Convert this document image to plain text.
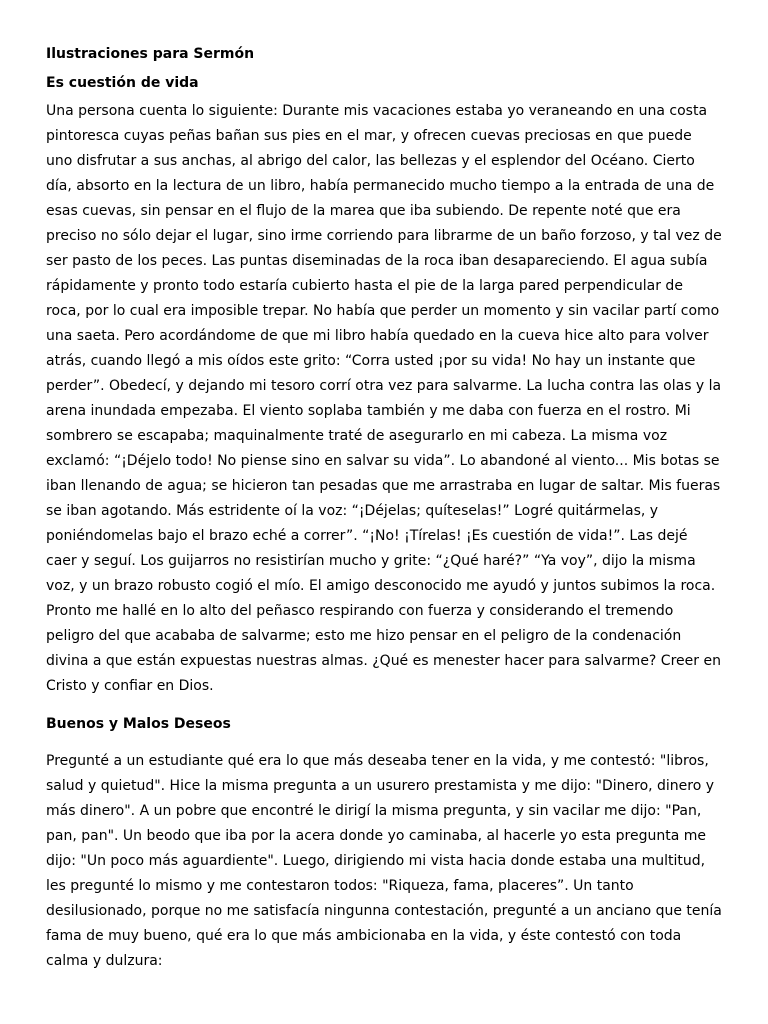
Ilustraciones para Sermón
Es cuestión de vida

Una persona cuenta lo siguiente: Durante mis vacaciones estaba yo veraneando en una costa pintoresca cuyas peñas bañan sus pies en el mar, y ofrecen cuevas preciosas en que puede uno disfrutar a sus anchas, al abrigo del calor, las bellezas y el esplendor del Océano. Cierto día, absorto en la lectura de un libro, había permanecido mucho tiempo a la entrada de una de esas cuevas, sin pensar en el flujo de la marea que iba subiendo. De repente noté que era preciso no sólo dejar el lugar, sino irme corriendo para librarme de un baño forzoso, y tal vez de ser pasto de los peces. Las puntas diseminadas de la roca iban desapareciendo. El agua subía rápidamente y pronto todo estaría cubierto hasta el pie de la larga pared perpendicular de roca, por lo cual era imposible trepar. No había que perder un momento y sin vacilar partí como una saeta. Pero acordándome de que mi libro había quedado en la cueva hice alto para volver atrás, cuando llegó a mis oídos este grito: “Corra usted ¡por su vida! No hay un instante que perder”. Obedecí, y dejando mi tesoro corrí otra vez para salvarme. La lucha contra las olas y la arena inundada empezaba. El viento soplaba también y me daba con fuerza en el rostro. Mi sombrero se escapaba; maquinalmente traté de asegurarlo en mi cabeza. La misma voz exclamó: “¡Déjelo todo! No piense sino en salvar su vida”. Lo abandoné al viento... Mis botas se iban llenando de agua; se hicieron tan pesadas que me arrastraba en lugar de saltar. Mis fueras se iban agotando. Más estridente oí la voz: “¡Déjelas; quíteselas!” Logré quitármelas, y poniéndomelas bajo el brazo eché a correr”. “¡No! ¡Tírelas! ¡Es cuestión de vida!”. Las dejé caer y seguí. Los guijarros no resistirían mucho y grite: “¿Qué haré?” “Ya voy”, dijo la misma voz, y un brazo robusto cogió el mío. El amigo desconocido me ayudó y juntos subimos la roca. Pronto me hallé en lo alto del peñasco respirando con fuerza y considerando el tremendo peligro del que acababa de salvarme; esto me hizo pensar en el peligro de la condenación divina a que están expuestas nuestras almas. ¿Qué es menester hacer para salvarme? Creer en Cristo y confiar en Dios.

Buenos y Malos Deseos

Pregunté a un estudiante qué era lo que más deseaba tener en la vida, y me contestó: "libros, salud y quietud". Hice la misma pregunta a un usurero prestamista y me dijo: "Dinero, dinero y más dinero". A un pobre que encontré le dirigí la misma pregunta, y sin vacilar me dijo: "Pan, pan, pan". Un beodo que iba por la acera donde yo caminaba, al hacerle yo esta pregunta me dijo: "Un poco más aguardiente". Luego, dirigiendo mi vista hacia donde estaba una multitud, les pregunté lo mismo y me contestaron todos: "Riqueza, fama, placeres”. Un tanto desilusionado, porque no me satisfacía ningunna contestación, pregunté a un anciano que tenía fama de muy bueno, qué era lo que más ambicionaba en la vida, y éste contestó con toda calma y dulzura:
